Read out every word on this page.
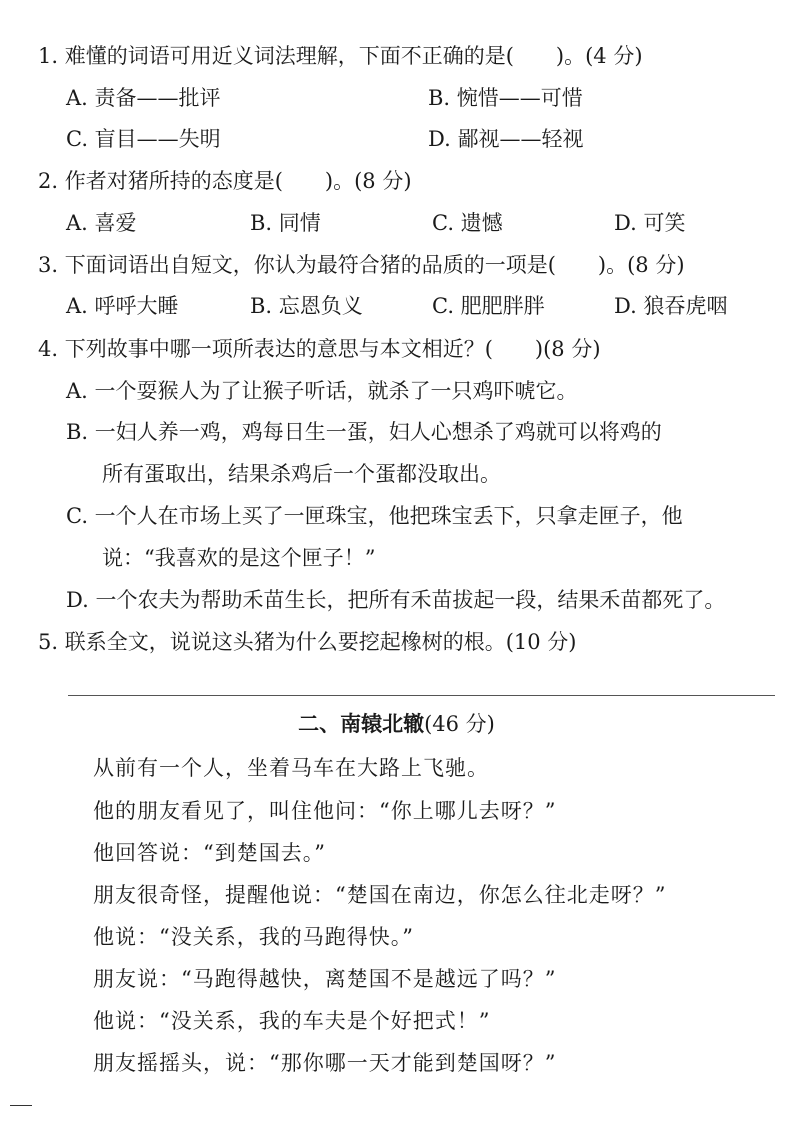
1. 难懂的词语可用近义词法理解，下面不正确的是(　　)。(4 分)
A. 责备——批评	B. 惋惜——可惜
C. 盲目——失明	D. 鄙视——轻视
2. 作者对猪所持的态度是(　　)。(8 分)
A. 喜爱	B. 同情	C. 遗憾	D. 可笑
3. 下面词语出自短文，你认为最符合猪的品质的一项是(　　)。(8 分)
A. 呼呼大睡	B. 忘恩负义	C. 肥肥胖胖	D. 狼吞虎咽
4. 下列故事中哪一项所表达的意思与本文相近？(　　)(8 分)
A. 一个耍猴人为了让猴子听话，就杀了一只鸡吓唬它。
B. 一妇人养一鸡，鸡每日生一蛋，妇人心想杀了鸡就可以将鸡的
所有蛋取出，结果杀鸡后一个蛋都没取出。
C. 一个人在市场上买了一匣珠宝，他把珠宝丢下，只拿走匣子，他
说：“我喜欢的是这个匣子！”
D. 一个农夫为帮助禾苗生长，把所有禾苗拔起一段，结果禾苗都死了。
5. 联系全文，说说这头猪为什么要挖起橡树的根。(10 分)
二、南辕北辙(46 分)
从前有一个人，坐着马车在大路上飞驰。
他的朋友看见了，叫住他问：“你上哪儿去呀？”
他回答说：“到楚国去。”
朋友很奇怪，提醒他说：“楚国在南边，你怎么往北走呀？”
他说：“没关系，我的马跑得快。”
朋友说：“马跑得越快，离楚国不是越远了吗？”
他说：“没关系，我的车夫是个好把式！”
朋友摇摇头，说：“那你哪一天才能到楚国呀？”
